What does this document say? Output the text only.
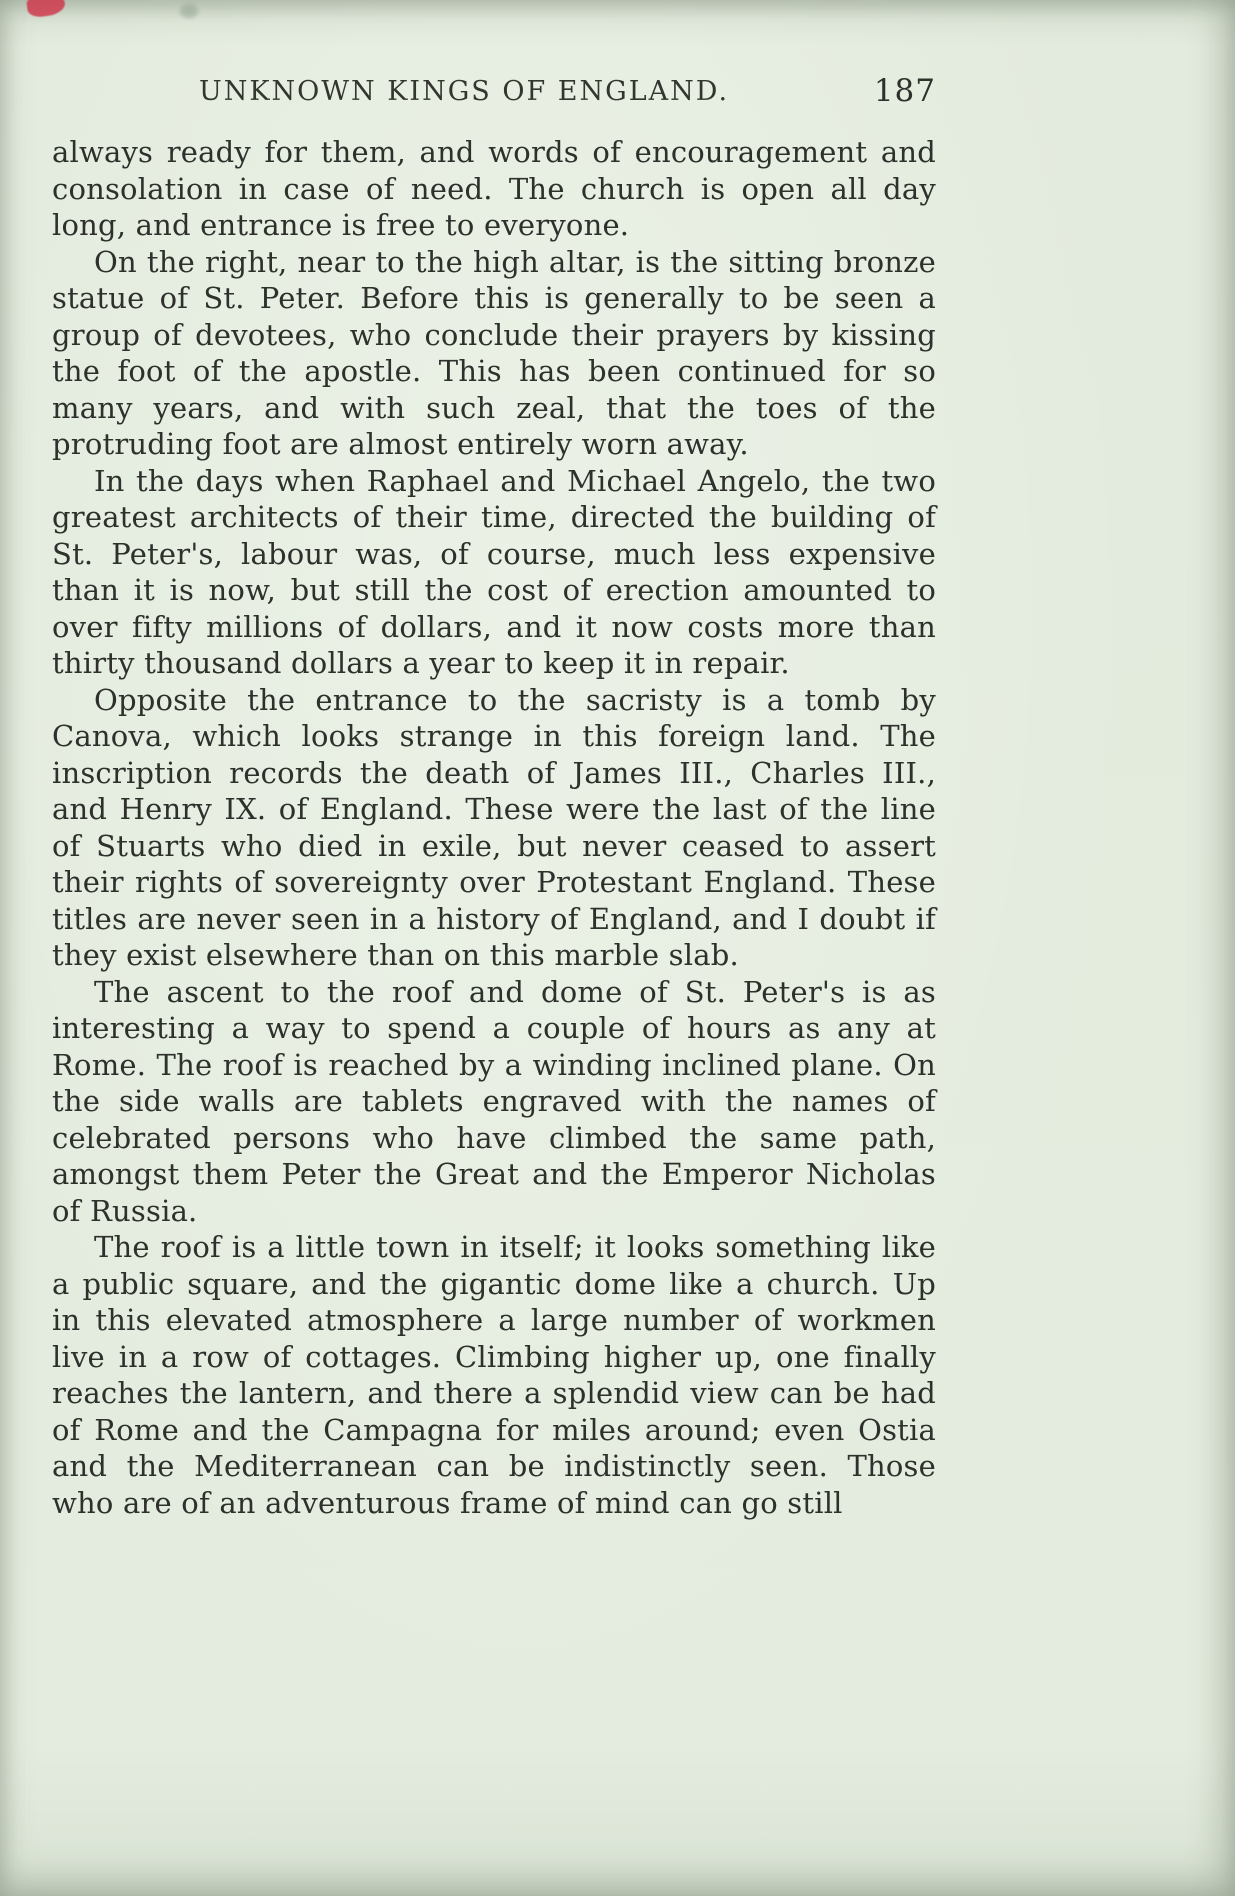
UNKNOWN KINGS OF ENGLAND.	187

always ready for them, and words of encouragement and consolation in case of need. The church is open all day long, and entrance is free to everyone.

On the right, near to the high altar, is the sitting bronze statue of St. Peter. Before this is generally to be seen a group of devotees, who conclude their prayers by kissing the foot of the apostle. This has been continued for so many years, and with such zeal, that the toes of the protruding foot are almost entirely worn away.

In the days when Raphael and Michael Angelo, the two greatest architects of their time, directed the building of St. Peter's, labour was, of course, much less expensive than it is now, but still the cost of erection amounted to over fifty millions of dollars, and it now costs more than thirty thousand dollars a year to keep it in repair.

Opposite the entrance to the sacristy is a tomb by Canova, which looks strange in this foreign land. The inscription records the death of James III., Charles III., and Henry IX. of England. These were the last of the line of Stuarts who died in exile, but never ceased to assert their rights of sovereignty over Protestant England. These titles are never seen in a history of England, and I doubt if they exist elsewhere than on this marble slab.

The ascent to the roof and dome of St. Peter's is as interesting a way to spend a couple of hours as any at Rome. The roof is reached by a winding inclined plane. On the side walls are tablets engraved with the names of celebrated persons who have climbed the same path, amongst them Peter the Great and the Emperor Nicholas of Russia.

The roof is a little town in itself; it looks something like a public square, and the gigantic dome like a church. Up in this elevated atmosphere a large number of workmen live in a row of cottages. Climbing higher up, one finally reaches the lantern, and there a splendid view can be had of Rome and the Campagna for miles around; even Ostia and the Mediterranean can be indistinctly seen. Those who are of an adventurous frame of mind can go still
